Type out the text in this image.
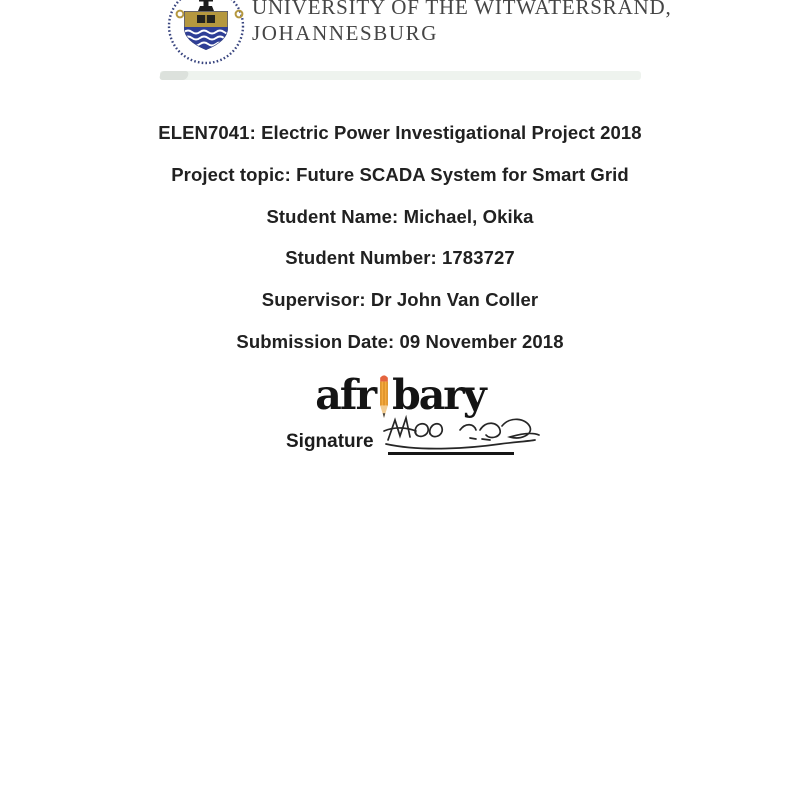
UNIVERSITY OF THE WITWATERSRAND,
JOHANNESBURG
ELEN7041: Electric Power Investigational Project 2018
Project topic: Future SCADA System for Smart Grid
Student Name: Michael, Okika
Student Number: 1783727
Supervisor: Dr John Van Coller
Submission Date: 09 November 2018
afr bary
Signature
